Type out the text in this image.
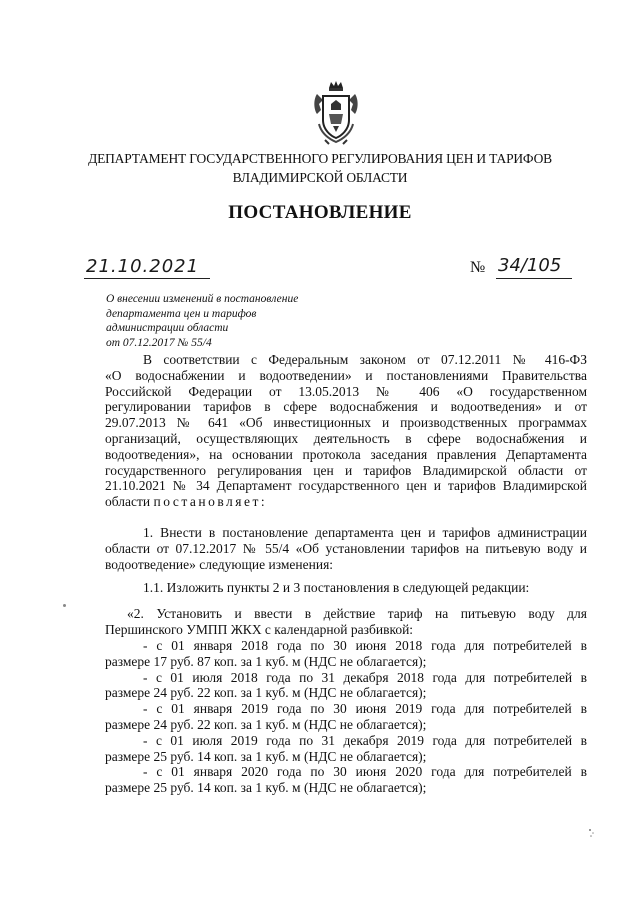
ДЕПАРТАМЕНТ ГОСУДАРСТВЕННОГО РЕГУЛИРОВАНИЯ ЦЕН И ТАРИФОВ
ВЛАДИМИРСКОЙ ОБЛАСТИ
ПОСТАНОВЛЕНИЕ
21.10.2021	№ 34/105
О внесении изменений в постановление
департамента цен и тарифов
администрации области
от 07.12.2017 № 55/4
В соответствии с Федеральным законом от 07.12.2011 № 416-ФЗ
«О водоснабжении и водоотведении» и постановлениями Правительства
Российской Федерации от 13.05.2013 № 406 «О государственном
регулировании тарифов в сфере водоснабжения и водоотведения» и от
29.07.2013 № 641 «Об инвестиционных и производственных программах
организаций, осуществляющих деятельность в сфере водоснабжения и
водоотведения», на основании протокола заседания правления Департамента
государственного регулирования цен и тарифов Владимирской области от
21.10.2021 № 34 Департамент государственного цен и тарифов Владимирской
области постановляет:
1. Внести в постановление департамента цен и тарифов администрации
области от 07.12.2017 № 55/4 «Об установлении тарифов на питьевую воду и
водоотведение» следующие изменения:
1.1. Изложить пункты 2 и 3 постановления в следующей редакции:
«2. Установить и ввести в действие тариф на питьевую воду для
Першинского УМПП ЖКХ с календарной разбивкой:
- с 01 января 2018 года по 30 июня 2018 года для потребителей в
размере 17 руб. 87 коп. за 1 куб. м (НДС не облагается);
- с 01 июля 2018 года по 31 декабря 2018 года для потребителей в
размере 24 руб. 22 коп. за 1 куб. м (НДС не облагается);
- с 01 января 2019 года по 30 июня 2019 года для потребителей в
размере 24 руб. 22 коп. за 1 куб. м (НДС не облагается);
- с 01 июля 2019 года по 31 декабря 2019 года для потребителей в
размере 25 руб. 14 коп. за 1 куб. м (НДС не облагается);
- с 01 января 2020 года по 30 июня 2020 года для потребителей в
размере 25 руб. 14 коп. за 1 куб. м (НДС не облагается);
